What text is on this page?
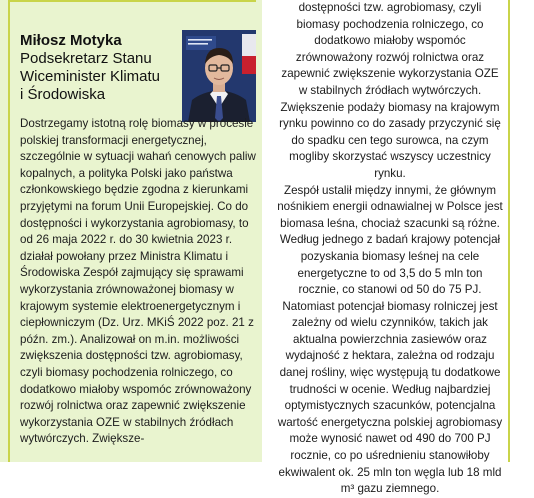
Miłosz Motyka
Podsekretarz Stanu
Wiceminister Klimatu
i Środowiska

Dostrzegamy istotną rolę biomasy w procesie polskiej transformacji energetycznej, szczególnie w sytuacji wahań cenowych paliw kopalnych, a polityka Polski jako państwa członkowskiego będzie zgodna z kierunkami przyjętymi na forum Unii Europejskiej. Co do dostępności i wykorzystania agrobiomasy, to od 26 maja 2022 r. do 30 kwietnia 2023 r. działał powołany przez Ministra Klimatu i Środowiska Zespół zajmujący się sprawami wykorzystania zrównoważonej biomasy w krajowym systemie elektroenergetycznym i ciepłowniczym (Dz. Urz. MKiŚ 2022 poz. 21 z późn. zm.). Analizował on m.in. możliwości zwiększenia dostępności tzw. agrobiomasy, czyli biomasy pochodzenia rolniczego, co dodatkowo miałoby wspomóc zrównoważony rozwój rolnictwa oraz zapewnić zwiększenie wykorzystania OZE w stabilnych źródłach wytwórczych. Zwiększe-

dostępności tzw. agrobiomasy, czyli biomasy pochodzenia rolniczego, co dodatkowo miałoby wspomóc zrównoważony rozwój rolnictwa oraz zapewnić zwiększenie wykorzystania OZE w stabilnych źródłach wytwórczych. Zwiększenie podaży biomasy na krajowym rynku powinno co do zasady przyczynić się do spadku cen tego surowca, na czym mogliby skorzystać wszyscy uczestnicy rynku.

Zespół ustalił między innymi, że głównym nośnikiem energii odnawialnej w Polsce jest biomasa leśna, chociaż szacunki są różne. Według jednego z badań krajowy potencjał pozyskania biomasy leśnej na cele energetyczne to od 3,5 do 5 mln ton rocznie, co stanowi od 50 do 75 PJ. Natomiast potencjał biomasy rolniczej jest zależny od wielu czynników, takich jak aktualna powierzchnia zasiewów oraz wydajność z hektara, zależna od rodzaju danej rośliny, więc występują tu dodatkowe trudności w ocenie. Według najbardziej optymistycznych szacunków, potencjalna wartość energetyczna polskiej agrobiomasy może wynosić nawet od 490 do 700 PJ rocznie, co po uśrednieniu stanowiłoby ekwiwalent ok. 25 mln ton węgla lub 18 mld m³ gazu ziemnego.
